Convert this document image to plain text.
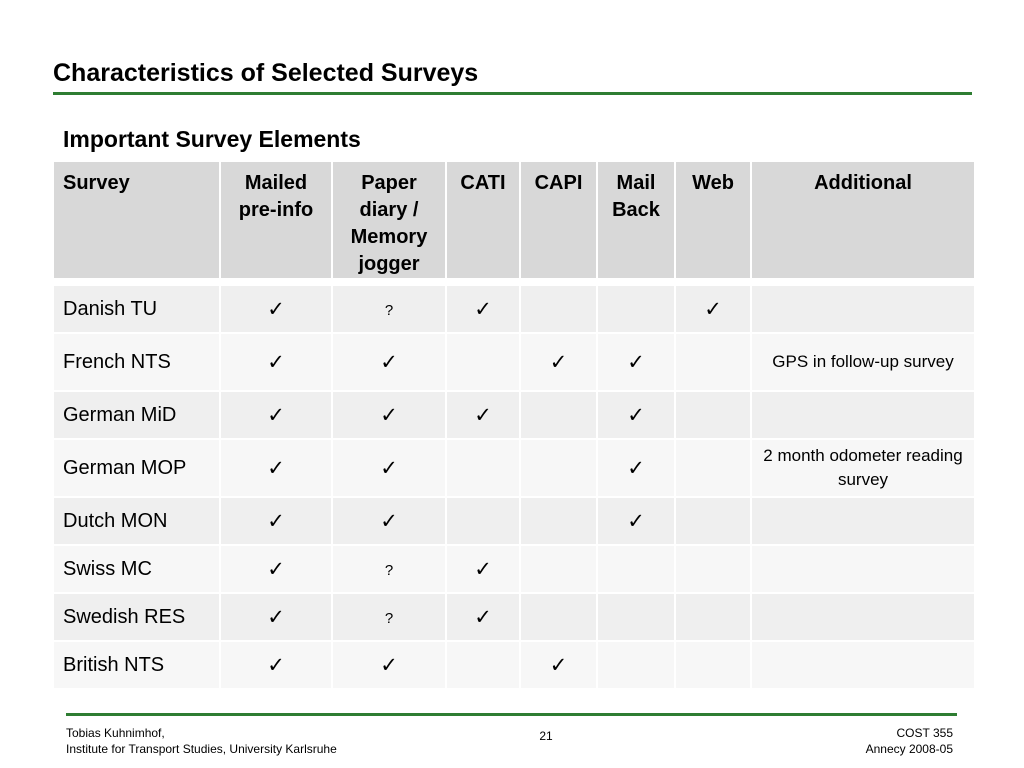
Characteristics of Selected Surveys
Important Survey Elements
Survey	Mailed pre-info	Paper diary / Memory jogger	CATI	CAPI	Mail Back	Web	Additional

Danish TU	✓	?	✓			✓	
French NTS	✓	✓		✓	✓		GPS in follow-up survey
German MiD	✓	✓	✓		✓		
German MOP	✓	✓			✓		2 month odometer reading survey
Dutch MON	✓	✓			✓		
Swiss MC	✓	?	✓				
Swedish RES	✓	?	✓				
British NTS	✓	✓		✓			
Tobias Kuhnimhof,
Institute for Transport Studies, University Karlsruhe
21	COST 355
Annecy 2008-05
